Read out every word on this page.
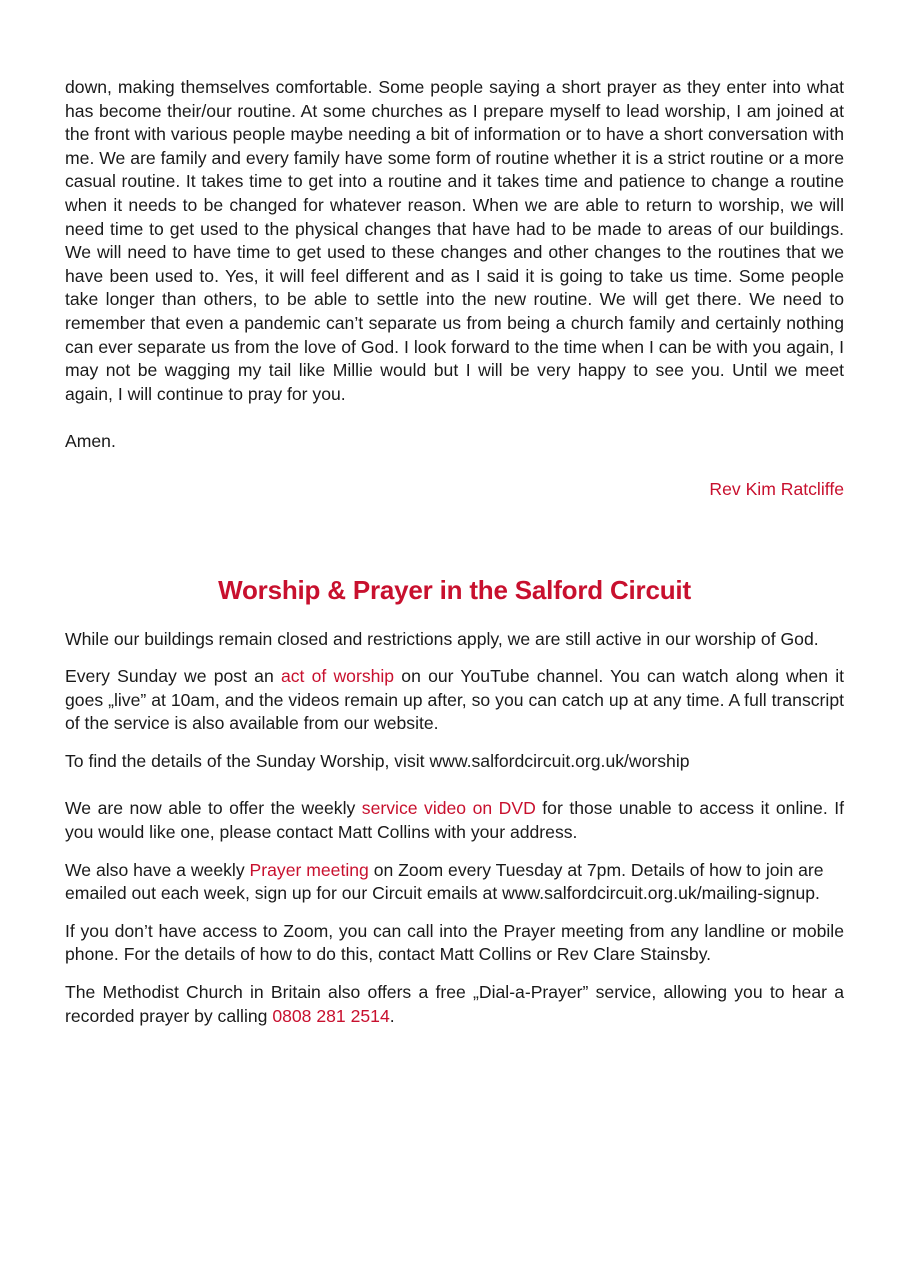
down, making themselves comfortable. Some people saying a short prayer as they enter into what has become their/our routine. At some churches as I prepare myself to lead worship, I am joined at the front with various people maybe needing a bit of information or to have a short conversation with me. We are family and every family have some form of routine whether it is a strict routine or a more casual routine. It takes time to get into a routine and it takes time and patience to change a routine when it needs to be changed for whatever reason. When we are able to return to worship, we will need time to get used to the physical changes that have had to be made to areas of our buildings. We will need to have time to get used to these changes and other changes to the routines that we have been used to. Yes, it will feel different and as I said it is going to take us time. Some people take longer than others, to be able to settle into the new routine. We will get there. We need to remember that even a pandemic can’t separate us from being a church family and certainly nothing can ever separate us from the love of God. I look forward to the time when I can be with you again, I may not be wagging my tail like Millie would but I will be very happy to see you. Until we meet again, I will continue to pray for you.

Amen.

Rev Kim Ratcliffe

Worship & Prayer in the Salford Circuit

While our buildings remain closed and restrictions apply, we are still active in our worship of God.

Every Sunday we post an act of worship on our YouTube channel. You can watch along when it goes „live” at 10am, and the videos remain up after, so you can catch up at any time. A full transcript of the service is also available from our website.

To find the details of the Sunday Worship, visit www.salfordcircuit.org.uk/worship

We are now able to offer the weekly service video on DVD for those unable to access it online. If you would like one, please contact Matt Collins with your address.

We also have a weekly Prayer meeting on Zoom every Tuesday at 7pm. Details of how to join are emailed out each week, sign up for our Circuit emails at www.salfordcircuit.org.uk/mailing-signup.

If you don’t have access to Zoom, you can call into the Prayer meeting from any landline or mobile phone. For the details of how to do this, contact Matt Collins or Rev Clare Stainsby.

The Methodist Church in Britain also offers a free „Dial-a-Prayer” service, allowing you to hear a recorded prayer by calling 0808 281 2514.
